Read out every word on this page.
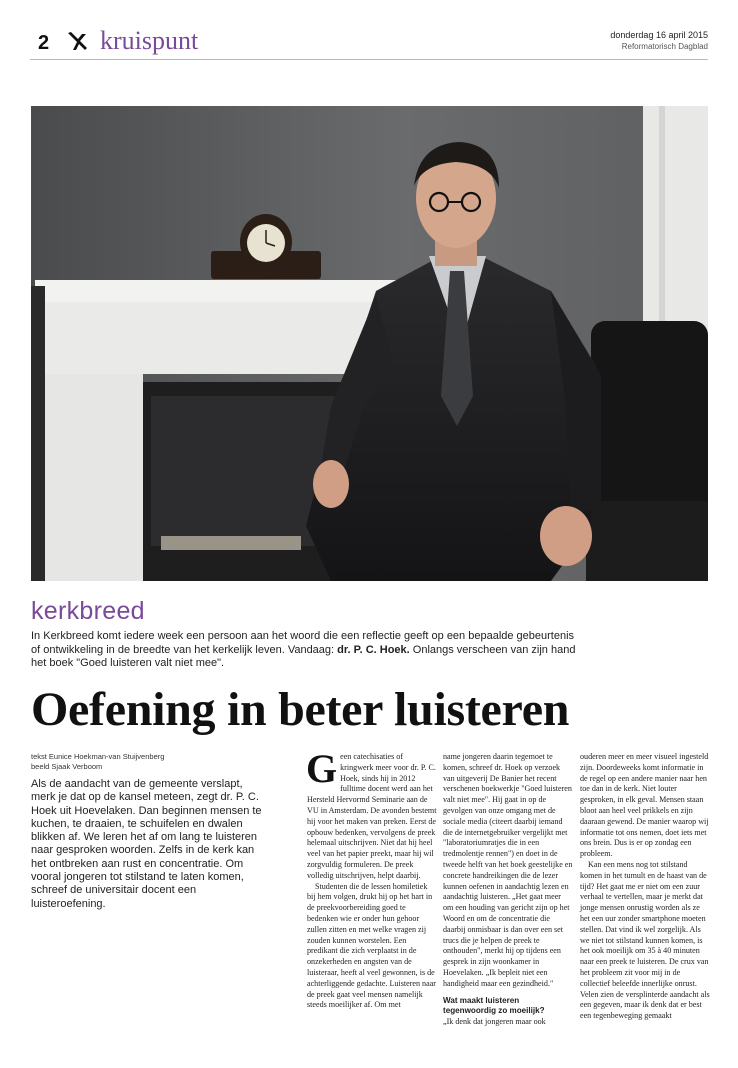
2 kruispunt	donderdag 16 april 2015
Reformatorisch Dagblad
kerkbreed
In Kerkbreed komt iedere week een persoon aan het woord die een reflectie geeft op een bepaalde gebeurtenis of ontwikkeling in de breedte van het kerkelijk leven. Vandaag: dr. P. C. Hoek. Onlangs verscheen van zijn hand het boek "Goed luisteren valt niet mee".
Oefening in beter luisteren
tekst Eunice Hoekman-van Stuijvenberg
beeld Sjaak Verboom
Als de aandacht van de gemeente verslapt, merk je dat op de kansel meteen, zegt dr. P. C. Hoek uit Hoevelaken. Dan beginnen mensen te kuchen, te draaien, te schuifelen en dwalen blikken af. We leren het af om lang te luisteren naar gesproken woorden. Zelfs in de kerk kan het ontbreken aan rust en concentratie. Om vooral jongeren tot stilstand te laten komen, schreef de universitair docent een luisteroefening.

Geen catechisaties of kringwerk meer voor dr. P. C. Hoek, sinds hij in 2012 fulltime docent werd aan het Hersteld Hervormd Seminarie aan de VU in Amsterdam. De avonden bestemt hij voor het maken van preken. Eerst de opbouw bedenken, vervolgens de preek helemaal uitschrijven. Niet dat hij heel veel van het papier preekt, maar hij wil zorgvuldig formuleren. De preek volledig uitschrijven, helpt daarbij.

Studenten die de lessen homiletiek bij hem volgen, drukt hij op het hart in de preekvoorbereiding goed te bedenken wie er onder hun gehoor zullen zitten en met welke vragen zij zouden kunnen worstelen. Een predikant die zich verplaatst in de onzekerheden en angsten van de luisteraar, heeft al veel gewonnen, is de achterliggende gedachte. Luisteren naar de preek gaat veel mensen namelijk steeds moeilijker af. Om met

name jongeren daarin tegemoet te komen, schreef dr. Hoek op verzoek van uitgeverij De Banier het recent verschenen boekwerkje "Goed luisteren valt niet mee". Hij gaat in op de gevolgen van onze omgang met de sociale media (citeert daarbij iemand die de internetgebruiker vergelijkt met "laboratoriumratjes die in een tredmolentje rennen") en doet in de tweede helft van het boek geestelijke en concrete handreikingen die de lezer kunnen oefenen in aandachtig lezen en aandachtig luisteren. „Het gaat meer om een houding van gericht zijn op het Woord en om de concentratie die daarbij onmisbaar is dan over een set trucs die je helpen de preek te onthouden", merkt hij op tijdens een gesprek in zijn woonkamer in Hoevelaken. „Ik bepleit niet een handigheid maar een gezindheid."

Wat maakt luisteren tegenwoordig zo moeilijk?

„Ik denk dat jongeren maar ook

ouderen meer en meer visueel ingesteld zijn. Doordeweeks komt informatie in de regel op een andere manier naar hen toe dan in de kerk. Niet louter gesproken, in elk geval. Mensen staan bloot aan heel veel prikkels en zijn daaraan gewend. De manier waarop wij informatie tot ons nemen, doet iets met ons brein. Dus is er op zondag een probleem.

Kan een mens nog tot stilstand komen in het tumult en de haast van de tijd? Het gaat me er niet om een zuur verhaal te vertellen, maar je merkt dat jonge mensen onrustig worden als ze het een uur zonder smartphone moeten stellen. Dat vind ik wel zorgelijk. Als we niet tot stilstand kunnen komen, is het ook moeilijk om 35 à 40 minuten naar een preek te luisteren. De crux van het probleem zit voor mij in de collectief beleefde innerlijke onrust. Velen zien de versplinterde aandacht als een gegeven, maar ik denk dat er best een tegenbeweging gemaakt
